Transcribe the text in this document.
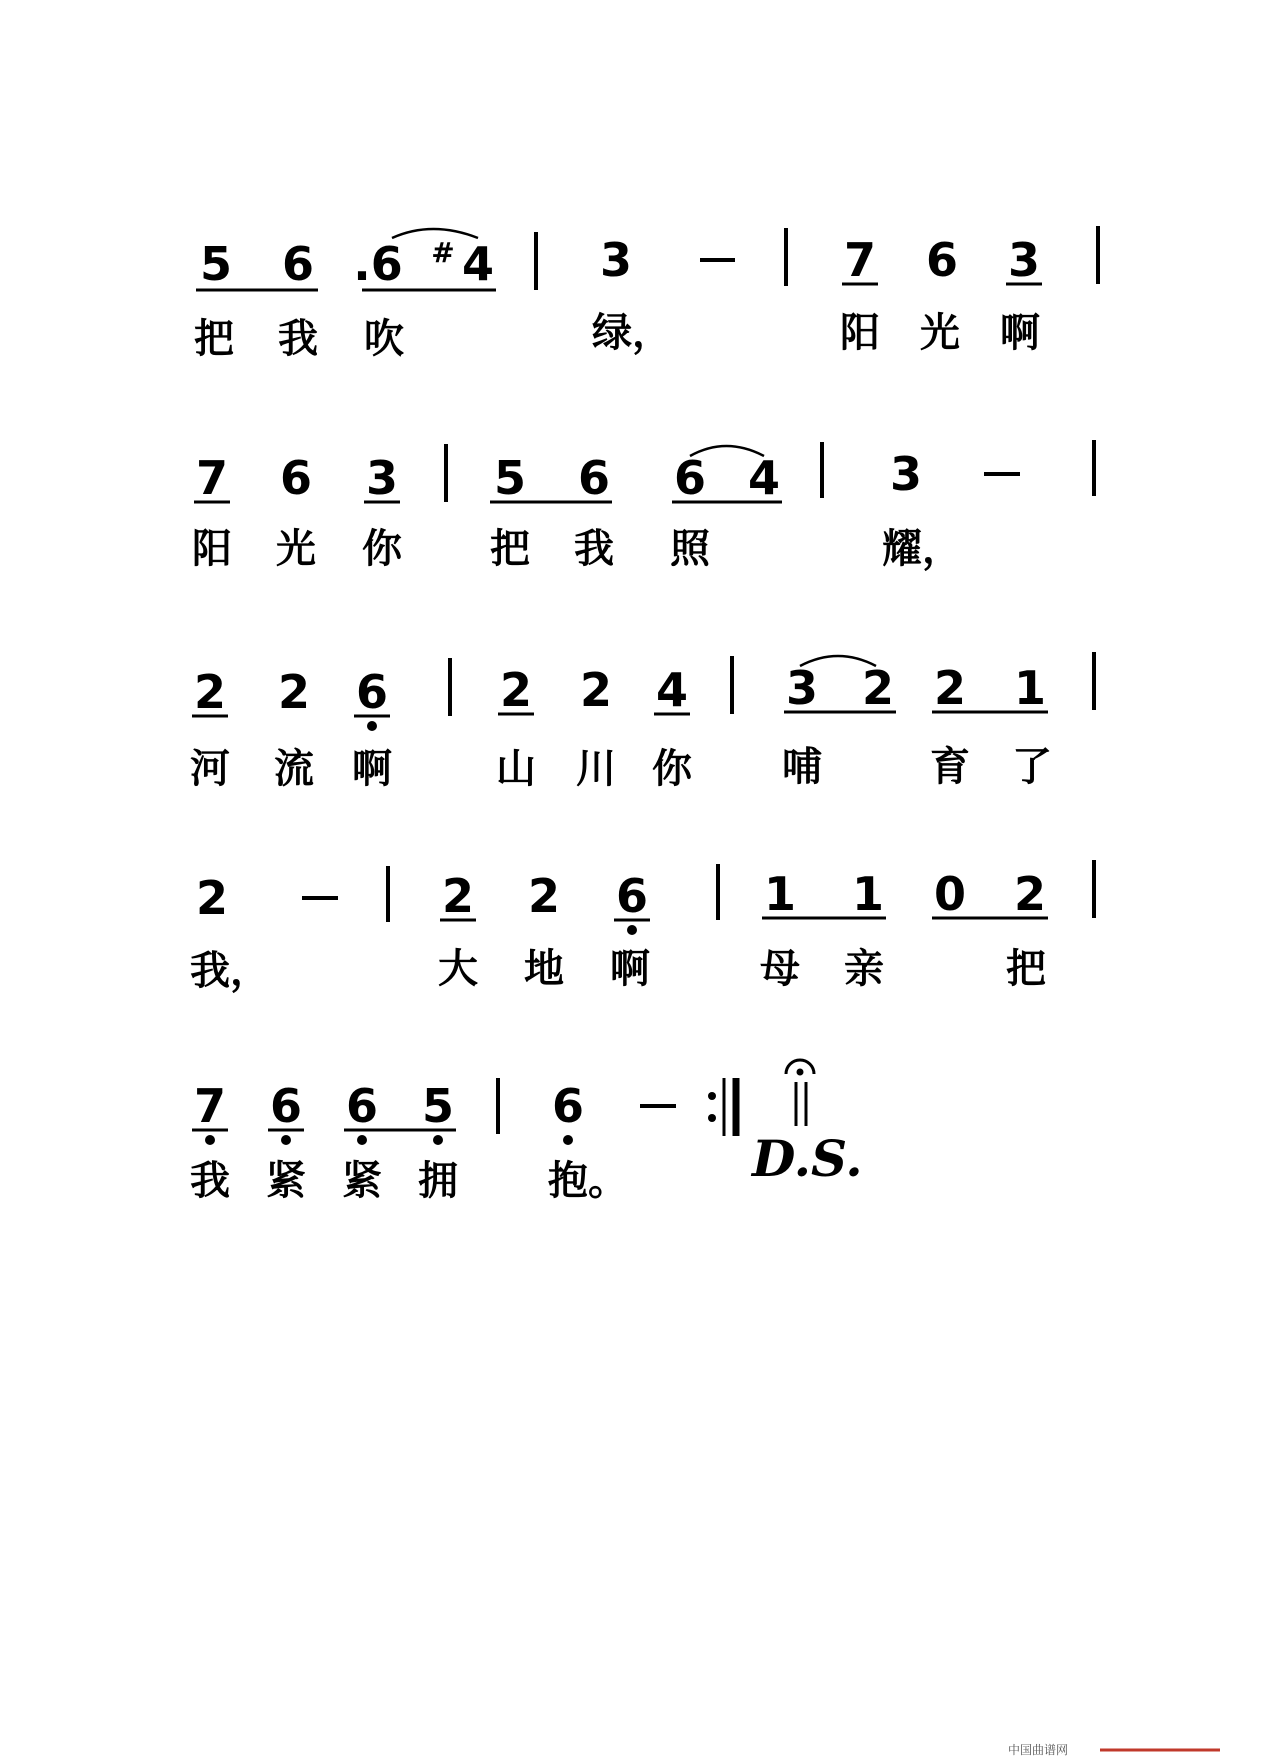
5 6 .6 # 4 3 — 7 6 3
把 我 吹	绿，	阳 光 啊
7 6 3 5 6 6 4 3 —
阳 光 你 把 我 照	耀，
2 2 6 2 2 4 3 2 2 1
河 流 啊	山 川 你 哺	育 了
2 — 2 2 6	1 1 0 2
我，	大 地 啊	母 亲	把
7 6 6 5 6 —
D.S.
我 紧 紧 拥 抱。
中国曲谱网
